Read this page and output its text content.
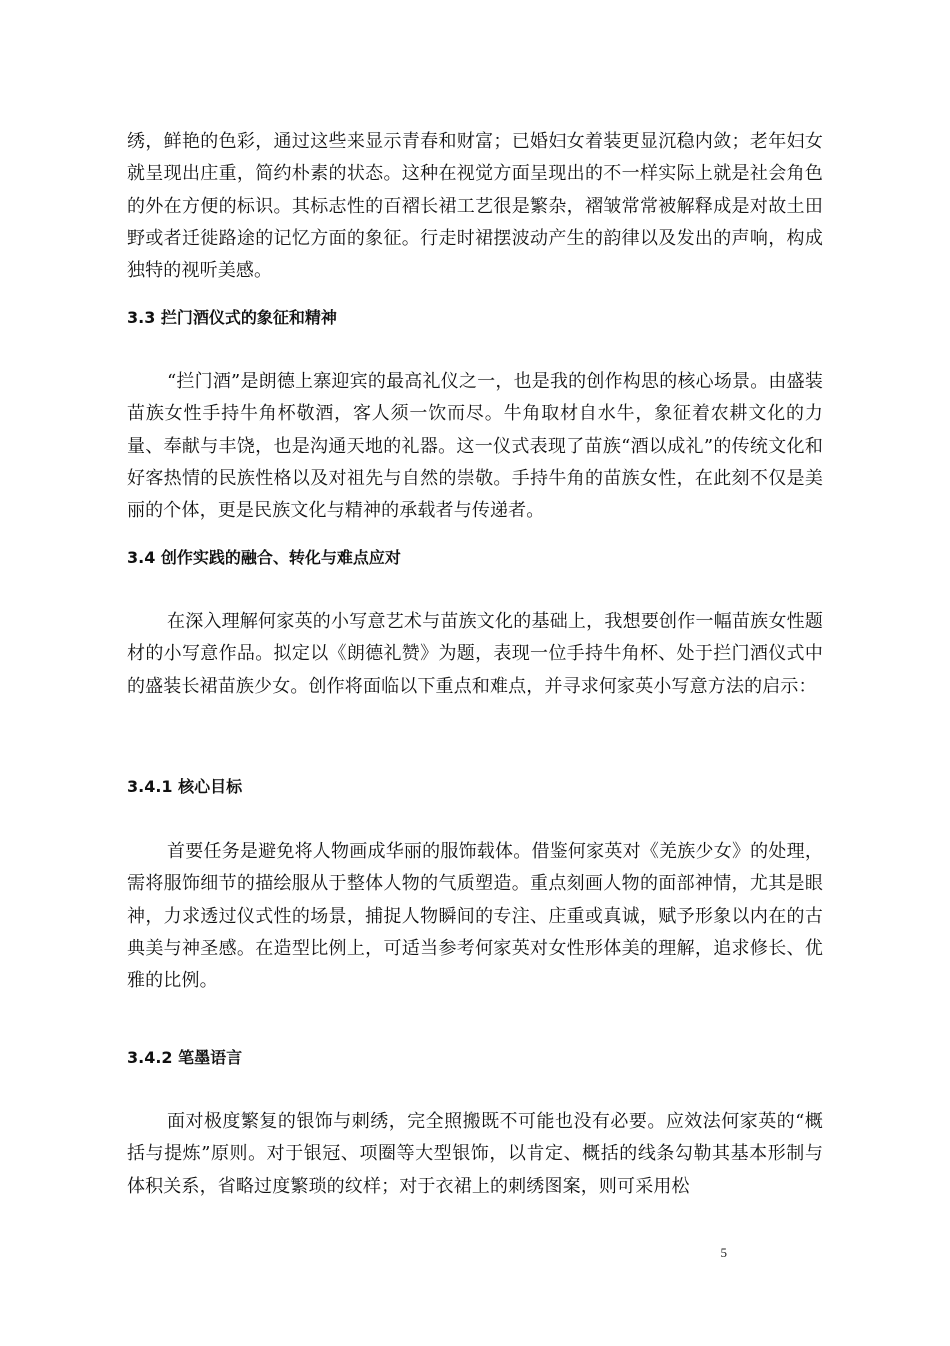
绣，鲜艳的色彩，通过这些来显示青春和财富；已婚妇女着装更显沉稳内敛；老年妇女就呈现出庄重，简约朴素的状态。这种在视觉方面呈现出的不一样实际上就是社会角色的外在方便的标识。其标志性的百褶长裙工艺很是繁杂，褶皱常常被解释成是对故土田野或者迁徙路途的记忆方面的象征。行走时裙摆波动产生的韵律以及发出的声响，构成独特的视听美感。

3.3 拦门酒仪式的象征和精神

“拦门酒”是朗德上寨迎宾的最高礼仪之一，也是我的创作构思的核心场景。由盛装苗族女性手持牛角杯敬酒，客人须一饮而尽。牛角取材自水牛，象征着农耕文化的力量、奉献与丰饶，也是沟通天地的礼器。这一仪式表现了苗族“酒以成礼”的传统文化和好客热情的民族性格以及对祖先与自然的崇敬。手持牛角的苗族女性，在此刻不仅是美丽的个体，更是民族文化与精神的承载者与传递者。

3.4 创作实践的融合、转化与难点应对

在深入理解何家英的小写意艺术与苗族文化的基础上，我想要创作一幅苗族女性题材的小写意作品。拟定以《朗德礼赞》为题，表现一位手持牛角杯、处于拦门酒仪式中的盛装长裙苗族少女。创作将面临以下重点和难点，并寻求何家英小写意方法的启示：

3.4.1 核心目标

首要任务是避免将人物画成华丽的服饰载体。借鉴何家英对《羌族少女》的处理，需将服饰细节的描绘服从于整体人物的气质塑造。重点刻画人物的面部神情，尤其是眼神，力求透过仪式性的场景，捕捉人物瞬间的专注、庄重或真诚，赋予形象以内在的古典美与神圣感。在造型比例上，可适当参考何家英对女性形体美的理解，追求修长、优雅的比例。

3.4.2 笔墨语言

面对极度繁复的银饰与刺绣，完全照搬既不可能也没有必要。应效法何家英的“概括与提炼”原则。对于银冠、项圈等大型银饰，以肯定、概括的线条勾勒其基本形制与体积关系，省略过度繁琐的纹样；对于衣裙上的刺绣图案，则可采用松

5
